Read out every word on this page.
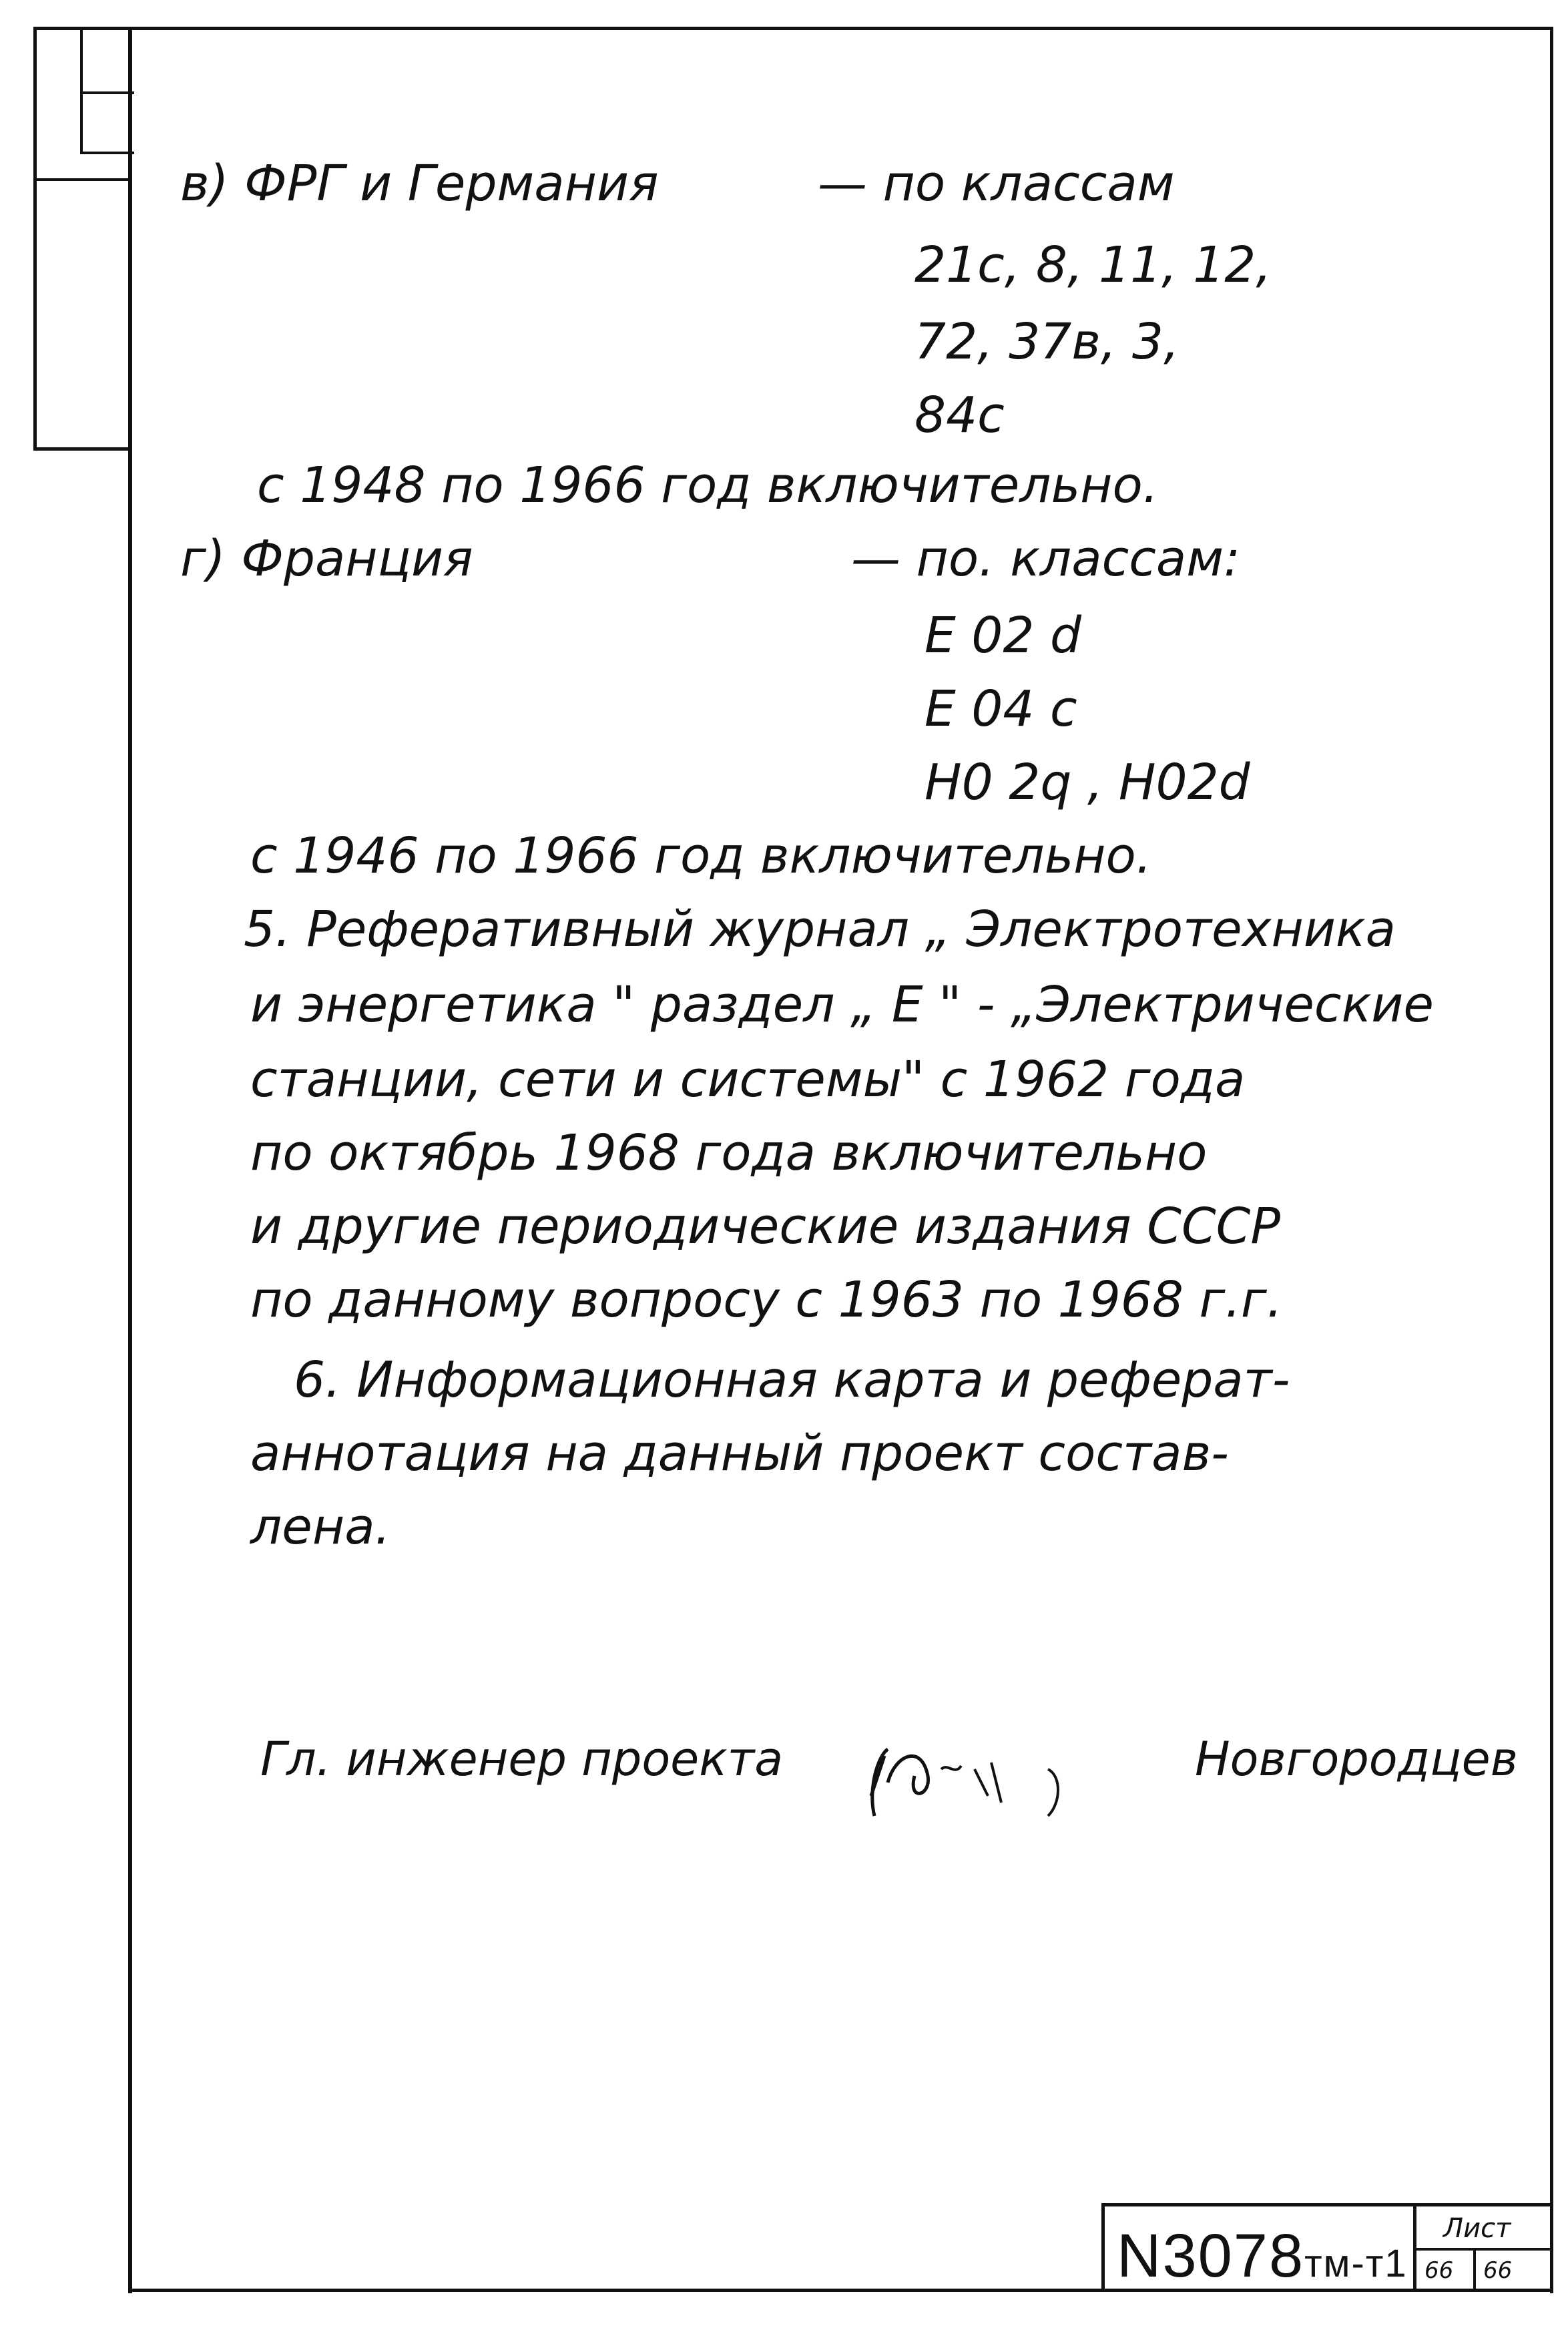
в) ФРГ и Германия	— по классам
21с, 8, 11, 12,
72, 37в, 3,
84с
с 1948 по 1966 год включительно.
г) Франция	— по. классам:
Е 02 d
Е 04 с
Н0 2q , Н02d
с 1946 по 1966 год включительно.
5. Реферативный журнал „ Электротехника
и энергетика " раздел „ Е " - „Электрические
станции, сети и системы" с 1962 года
по октябрь 1968 года включительно
и другие периодические издания СССР
по данному вопросу с 1963 по 1968 г.г.
6. Информационная карта и реферат-
аннотация на данный проект состав-
лена.
Гл. инженер проекта	Новгородцев
N3078тм-т1
Лист
66 66
